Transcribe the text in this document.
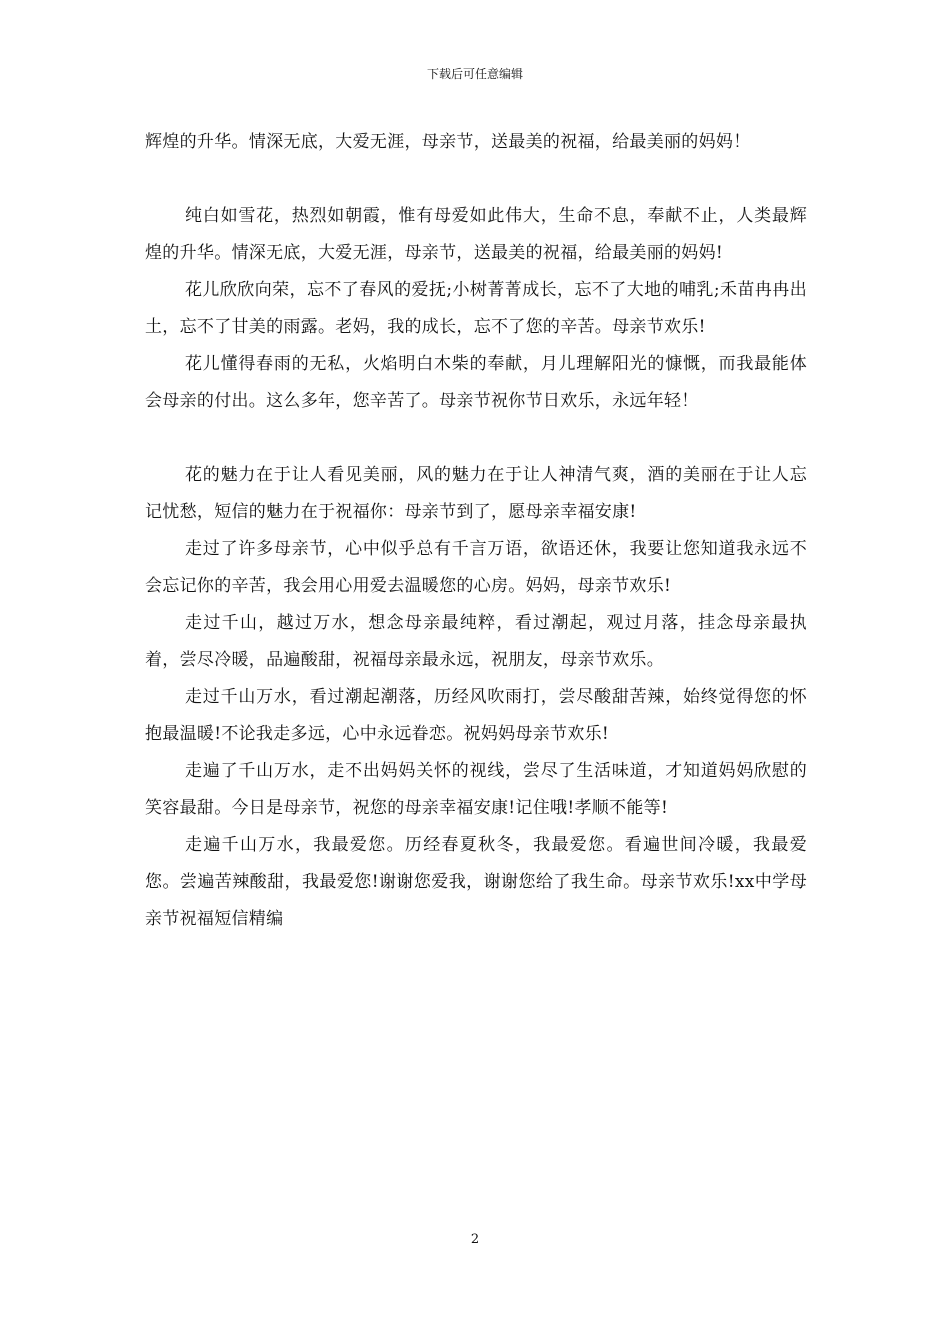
下载后可任意编辑

辉煌的升华。情深无底，大爱无涯，母亲节，送最美的祝福，给最美丽的妈妈！

纯白如雪花，热烈如朝霞，惟有母爱如此伟大，生命不息，奉献不止，人类最辉煌的升华。情深无底，大爱无涯，母亲节，送最美的祝福，给最美丽的妈妈!

花儿欣欣向荣，忘不了春风的爱抚;小树菁菁成长，忘不了大地的哺乳;禾苗冉冉出土，忘不了甘美的雨露。老妈，我的成长，忘不了您的辛苦。母亲节欢乐!

花儿懂得春雨的无私，火焰明白木柴的奉献，月儿理解阳光的慷慨，而我最能体会母亲的付出。这么多年，您辛苦了。母亲节祝你节日欢乐，永远年轻！

花的魅力在于让人看见美丽，风的魅力在于让人神清气爽，酒的美丽在于让人忘记忧愁，短信的魅力在于祝福你：母亲节到了，愿母亲幸福安康!

走过了许多母亲节，心中似乎总有千言万语，欲语还休，我要让您知道我永远不会忘记你的辛苦，我会用心用爱去温暖您的心房。妈妈，母亲节欢乐!

走过千山，越过万水，想念母亲最纯粹，看过潮起，观过月落，挂念母亲最执着，尝尽冷暖，品遍酸甜，祝福母亲最永远，祝朋友，母亲节欢乐。

走过千山万水，看过潮起潮落，历经风吹雨打，尝尽酸甜苦辣，始终觉得您的怀抱最温暖!不论我走多远，心中永远眷恋。祝妈妈母亲节欢乐!

走遍了千山万水，走不出妈妈关怀的视线，尝尽了生活味道，才知道妈妈欣慰的笑容最甜。今日是母亲节，祝您的母亲幸福安康!记住哦!孝顺不能等!

走遍千山万水，我最爱您。历经春夏秋冬，我最爱您。看遍世间冷暖，我最爱您。尝遍苦辣酸甜，我最爱您!谢谢您爱我，谢谢您给了我生命。母亲节欢乐!xx中学母亲节祝福短信精编

2
